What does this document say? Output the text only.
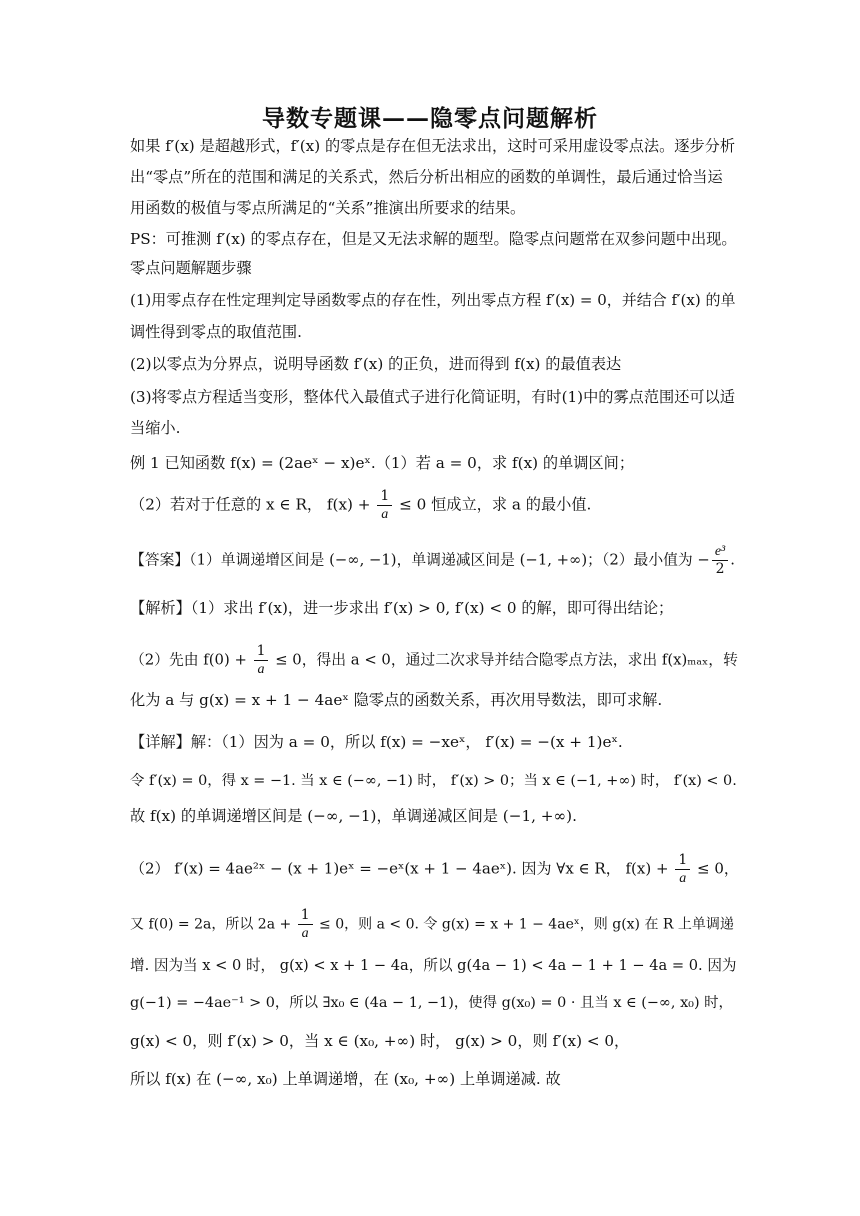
导数专题课——隐零点问题解析
如果 f′(x) 是超越形式，f′(x) 的零点是存在但无法求出，这时可采用虚设零点法。逐步分析
出“零点”所在的范围和满足的关系式，然后分析出相应的函数的单调性，最后通过恰当运
用函数的极值与零点所满足的“关系”推演出所要求的结果。
PS：可推测 f′(x) 的零点存在，但是又无法求解的题型。隐零点问题常在双参问题中出现。
零点问题解题步骤
(1)用零点存在性定理判定导函数零点的存在性，列出零点方程 f′(x) = 0，并结合 f′(x) 的单
调性得到零点的取值范围.
(2)以零点为分界点，说明导函数 f′(x) 的正负，进而得到 f(x) 的最值表达
(3)将零点方程适当变形，整体代入最值式子进行化简证明，有时(1)中的雾点范围还可以适
当缩小.
例 1 已知函数 f(x) = (2aeˣ − x)eˣ.（1）若 a = 0，求 f(x) 的单调区间；
（2）若对于任意的 x ∈ R， $f(x) + \frac{1}{a} \le 0$ 恒成立，求 a 的最小值.
【答案】（1）单调递增区间是 (−∞, −1)，单调递减区间是 (−1, +∞)；（2）最小值为 − $\frac{\text{e³}}{2}$ .
【解析】（1）求出 f′(x)，进一步求出 f′(x) > 0, f′(x) < 0 的解，即可得出结论；
（2）先由 $f(0) + \frac{1}{a} \le 0$，得出 a < 0，通过二次求导并结合隐零点方法，求出 f(x)ₘₐₓ，转
化为 a 与 g(x) = x + 1 − 4aeˣ 隐零点的函数关系，再次用导数法，即可求解.
【详解】解：（1）因为 a = 0，所以 f(x) = −xeˣ， f′(x) = −(x + 1)eˣ.
令 f′(x) = 0，得 x = −1. 当 x ∈ (−∞, −1) 时， f′(x) > 0；当 x ∈ (−1, +∞) 时， f′(x) < 0.
故 f(x) 的单调递增区间是 (−∞, −1)，单调递减区间是 (−1, +∞).
（2） f′(x) = 4ae²ˣ − (x + 1)eˣ = −eˣ(x + 1 − 4aeˣ). 因为 ∀x ∈ R， $f(x) + \frac{1}{a} \le 0$，
又 f(0) = 2a，所以 $2a + \frac{1}{a} \le 0$，则 a < 0. 令 g(x) = x + 1 − 4aeˣ，则 g(x) 在 R 上单调递
增. 因为当 x < 0 时， g(x) < x + 1 − 4a，所以 g(4a − 1) < 4a − 1 + 1 − 4a = 0. 因为
g(−1) = −4ae⁻¹ > 0，所以 ∃x₀ ∈ (4a − 1, −1)，使得 g(x₀) = 0 · 且当 x ∈ (−∞, x₀) 时，
g(x) < 0，则 f′(x) > 0，当 x ∈ (x₀, +∞) 时， g(x) > 0，则 f′(x) < 0，
所以 f(x) 在 (−∞, x₀) 上单调递增，在 (x₀, +∞) 上单调递减. 故
